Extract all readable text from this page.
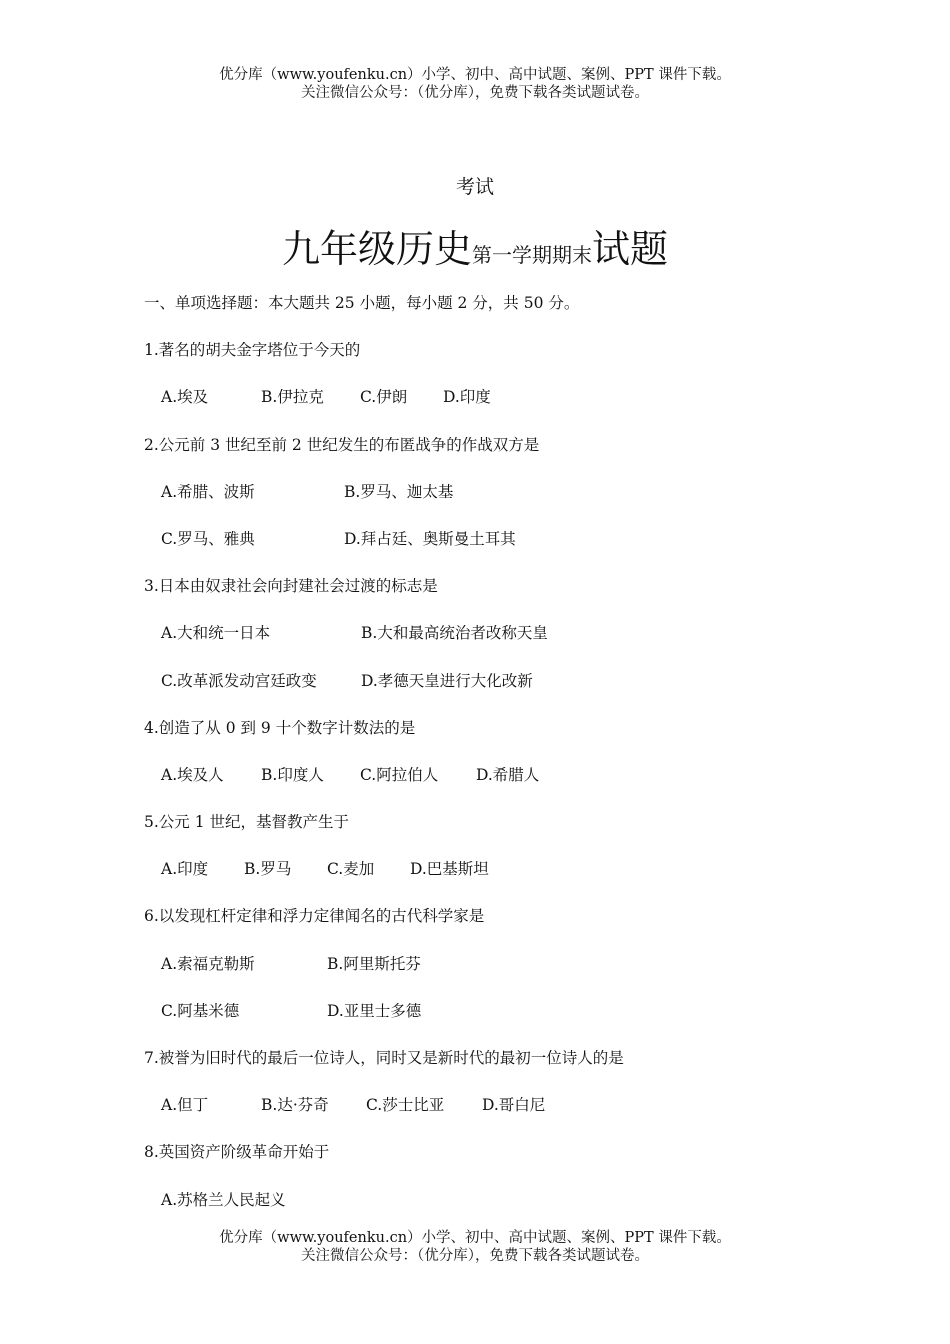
优分库（www.youfenku.cn）小学、初中、高中试题、案例、PPT 课件下载。
关注微信公众号：（优分库），免费下载各类试题试卷。
考试
九年级历史第一学期期末试题
一、单项选择题：本大题共 25 小题，每小题 2 分，共 50 分。
1.著名的胡夫金字塔位于今天的
A.埃及	B.伊拉克 C.伊朗 D.印度
2.公元前 3 世纪至前 2 世纪发生的布匿战争的作战双方是
A.希腊、波斯	B.罗马、迦太基
C.罗马、雅典	D.拜占廷、奥斯曼土耳其
3.日本由奴隶社会向封建社会过渡的标志是
A.大和统一日本	B.大和最高统治者改称天皇
C.改革派发动宫廷政变	D.孝德天皇进行大化改新
4.创造了从 0 到 9 十个数字计数法的是
A.埃及人 B.印度人 C.阿拉伯人 D.希腊人
5.公元 1 世纪，基督教产生于
A.印度 B.罗马 C.麦加 D.巴基斯坦
6.以发现杠杆定律和浮力定律闻名的古代科学家是
A.索福克勒斯	B.阿里斯托芬
C.阿基米德	D.亚里士多德
7.被誉为旧时代的最后一位诗人，同时又是新时代的最初一位诗人的是
A.但丁	B.达·芬奇 C.莎士比亚 D.哥白尼
8.英国资产阶级革命开始于
A.苏格兰人民起义
优分库（www.youfenku.cn）小学、初中、高中试题、案例、PPT 课件下载。
关注微信公众号：（优分库），免费下载各类试题试卷。
